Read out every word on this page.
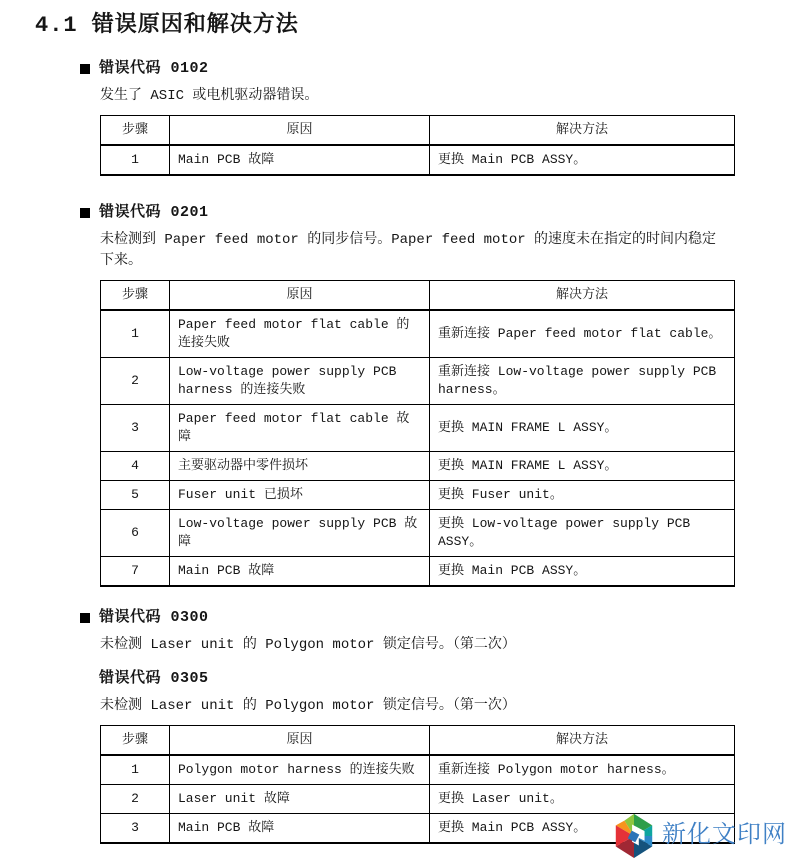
4.1 错误原因和解决方法
错误代码 0102

发生了 ASIC 或电机驱动器错误。

步骤	原因	解决方法
1	Main PCB 故障	更换 Main PCB ASSY。
错误代码 0201

未检测到 Paper feed motor 的同步信号。Paper feed motor 的速度未在指定的时间内稳定下来。

步骤	原因	解决方法
1	Paper feed motor flat cable 的连接失败	重新连接 Paper feed motor flat cable。
2	Low-voltage power supply PCB harness 的连接失败	重新连接 Low-voltage power supply PCB harness。
3	Paper feed motor flat cable 故障	更换 MAIN FRAME L ASSY。
4	主要驱动器中零件损坏	更换 MAIN FRAME L ASSY。
5	Fuser unit 已损坏	更换 Fuser unit。
6	Low-voltage power supply PCB 故障	更换 Low-voltage power supply PCB ASSY。
7	Main PCB 故障	更换 Main PCB ASSY。
错误代码 0300

未检测 Laser unit 的 Polygon motor 锁定信号。（第二次）

错误代码 0305

未检测 Laser unit 的 Polygon motor 锁定信号。（第一次）

步骤	原因	解决方法
1	Polygon motor harness 的连接失败	重新连接 Polygon motor harness。
2	Laser unit 故障	更换 Laser unit。
3	Main PCB 故障	更换 Main PCB ASSY。	新化文印网
